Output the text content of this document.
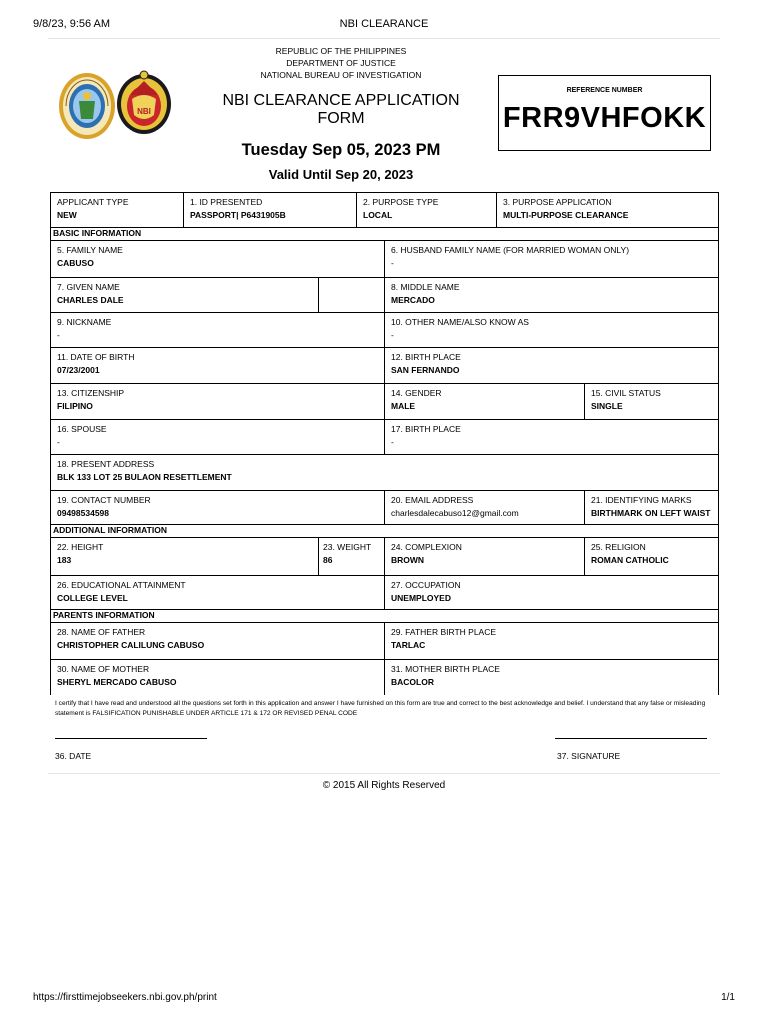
NBI CLEARANCE
9/8/23, 9:56 AM
NBI
REPUBLIC OF THE PHILIPPINES
DEPARTMENT OF JUSTICE
NATIONAL BUREAU OF INVESTIGATION
NBI CLEARANCE APPLICATION
FORM
Tuesday Sep 05, 2023 PM
Valid Until Sep 20, 2023
REFERENCE NUMBER
FRR9VHFOKK
APPLICANT TYPE
NEW
1. ID PRESENTED
PASSPORT| P6431905B
2. PURPOSE TYPE
LOCAL
3. PURPOSE APPLICATION
MULTI-PURPOSE CLEARANCE
BASIC INFORMATION
5. FAMILY NAME
CABUSO
6. HUSBAND FAMILY NAME (FOR MARRIED WOMAN ONLY)
-
7. GIVEN NAME
CHARLES DALE
8. MIDDLE NAME
MERCADO
9. NICKNAME
-
10. OTHER NAME/ALSO KNOW AS
-
11. DATE OF BIRTH
07/23/2001
12. BIRTH PLACE
SAN FERNANDO
13. CITIZENSHIP
FILIPINO
14. GENDER
MALE
15. CIVIL STATUS
SINGLE
16. SPOUSE
-
17. BIRTH PLACE
-
18. PRESENT ADDRESS
BLK 133 LOT 25 BULAON RESETTLEMENT
19. CONTACT NUMBER
09498534598
20. EMAIL ADDRESS
charlesdalecabuso12@gmail.com
21. IDENTIFYING MARKS
BIRTHMARK ON LEFT WAIST
ADDITIONAL INFORMATION
22. HEIGHT
183
23. WEIGHT
86
24. COMPLEXION
BROWN
25. RELIGION
ROMAN CATHOLIC
26. EDUCATIONAL ATTAINMENT
COLLEGE LEVEL
27. OCCUPATION
UNEMPLOYED
PARENTS INFORMATION
28. NAME OF FATHER
CHRISTOPHER CALILUNG CABUSO
29. FATHER BIRTH PLACE
TARLAC
30. NAME OF MOTHER
SHERYL MERCADO CABUSO
31. MOTHER BIRTH PLACE
BACOLOR
I certify that I have read and understood all the questions set forth in this application and answer I have furnished on this form are true and correct to the best acknowledge and belief. I understand that any false or misleading statement is FALSIFICATION PUNISHABLE UNDER ARTICLE 171 & 172 OR REVISED PENAL CODE
36. DATE	37. SIGNATURE
© 2015 All Rights Reserved
https://firsttimejobseekers.nbi.gov.ph/print	1/1
